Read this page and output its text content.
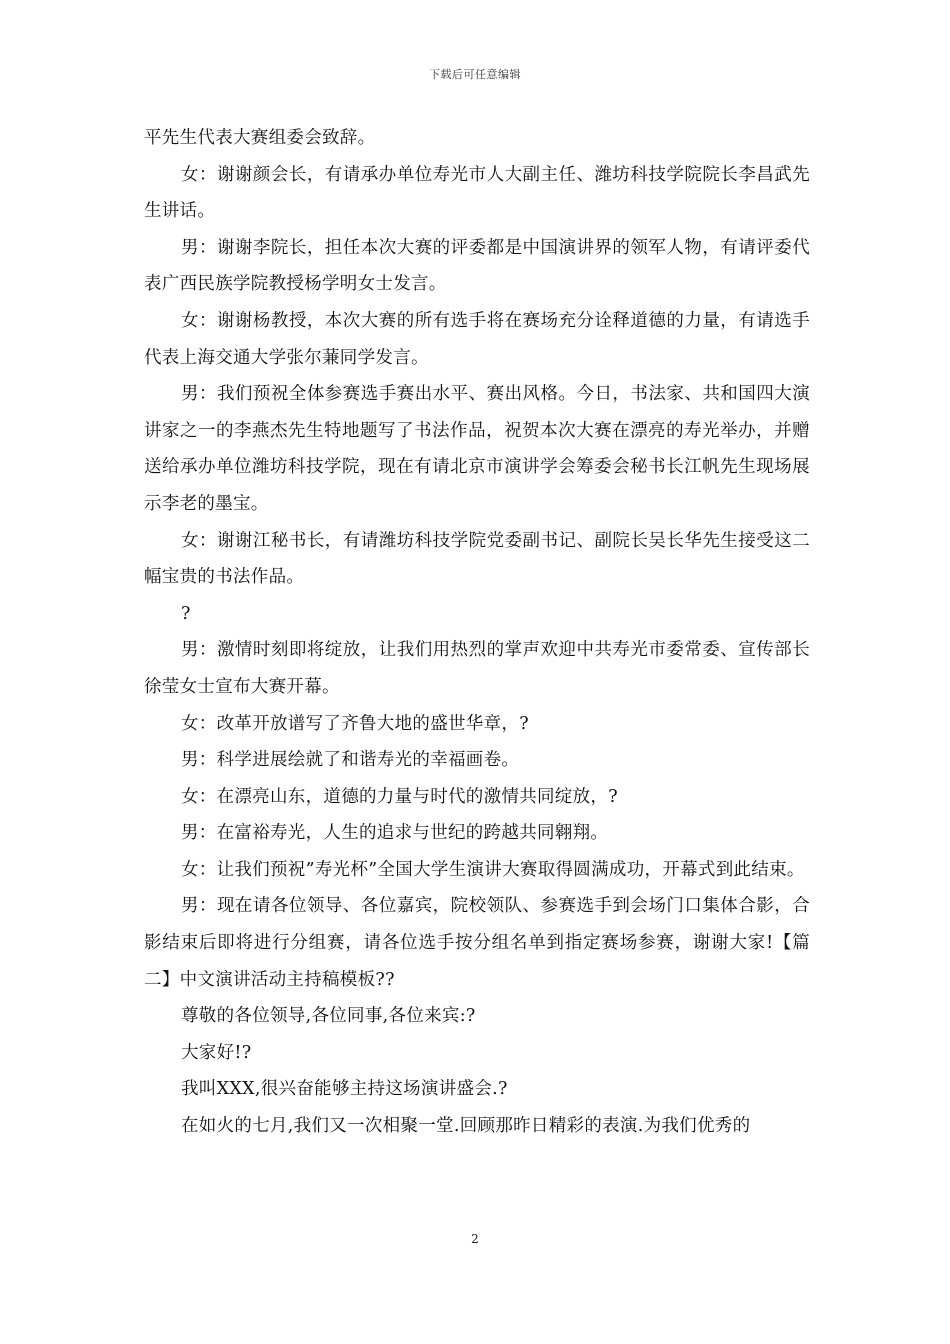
下载后可任意编辑

平先生代表大赛组委会致辞。

女：谢谢颜会长，有请承办单位寿光市人大副主任、潍坊科技学院院长李昌武先生讲话。

男：谢谢李院长，担任本次大赛的评委都是中国演讲界的领军人物，有请评委代表广西民族学院教授杨学明女士发言。

女：谢谢杨教授，本次大赛的所有选手将在赛场充分诠释道德的力量，有请选手代表上海交通大学张尔蒹同学发言。

男：我们预祝全体参赛选手赛出水平、赛出风格。今日，书法家、共和国四大演讲家之一的李燕杰先生特地题写了书法作品，祝贺本次大赛在漂亮的寿光举办，并赠送给承办单位潍坊科技学院，现在有请北京市演讲学会筹委会秘书长江帆先生现场展示李老的墨宝。

女：谢谢江秘书长，有请潍坊科技学院党委副书记、副院长吴长华先生接受这二幅宝贵的书法作品。

?

男：激情时刻即将绽放，让我们用热烈的掌声欢迎中共寿光市委常委、宣传部长徐莹女士宣布大赛开幕。

女：改革开放谱写了齐鲁大地的盛世华章，?

男：科学进展绘就了和谐寿光的幸福画卷。

女：在漂亮山东，道德的力量与时代的激情共同绽放，?

男：在富裕寿光，人生的追求与世纪的跨越共同翱翔。

女：让我们预祝”寿光杯”全国大学生演讲大赛取得圆满成功，开幕式到此结束。

男：现在请各位领导、各位嘉宾，院校领队、参赛选手到会场门口集体合影，合影结束后即将进行分组赛，请各位选手按分组名单到指定赛场参赛，谢谢大家!【篇二】中文演讲活动主持稿模板??

尊敬的各位领导,各位同事,各位来宾:?

大家好!?

我叫XXX,很兴奋能够主持这场演讲盛会.?

在如火的七月,我们又一次相聚一堂.回顾那昨日精彩的表演.为我们优秀的

2
